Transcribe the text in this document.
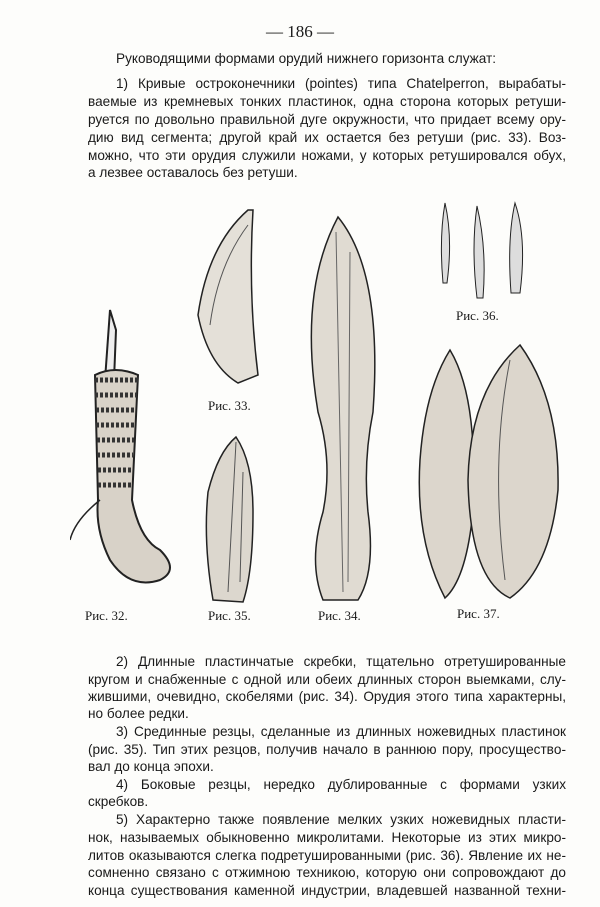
— 186 —
Руководящими формами орудий нижнего горизонта служат:
1) Кривые остроконечники (pointes) типа Chatelperron, вырабаты-
ваемые из кремневых тонких пластинок, одна сторона которых ретуши-
руется по довольно правильной дуге окружности, что придает всему ору-
дию вид сегмента; другой край их остается без ретуши (рис. 33). Воз-
можно, что эти орудия служили ножами, у которых ретушировался обух,
а лезвее оставалось без ретуши.
Рис. 32.
Рис. 33.
Рис. 34.
Рис. 35.
Рис. 36.
Рис. 37.
2) Длинные пластинчатые скребки, тщательно отретушированные
кругом и снабженные с одной или обеих длинных сторон выемками, слу-
жившими, очевидно, скобелями (рис. 34). Орудия этого типа характерны,
но более редки.
3) Срединные резцы, сделанные из длинных ножевидных пластинок
(рис. 35). Тип этих резцов, получив начало в раннюю пору, просуществo-
вал до конца эпохи.
4) Боковые резцы, нередко дублированные с формами узких
скребков.
5) Характерно также появление мелких узких ножевидных пласти-
нок, называемых обыкновенно микролитами. Некоторые из этих микро-
литов оказываются слегка подретушированными (рис. 36). Явление их не-
сомненно связано с отжимною техникою, которую они сопровождают до
конца существования каменной индустрии, владевшей названной техни-
